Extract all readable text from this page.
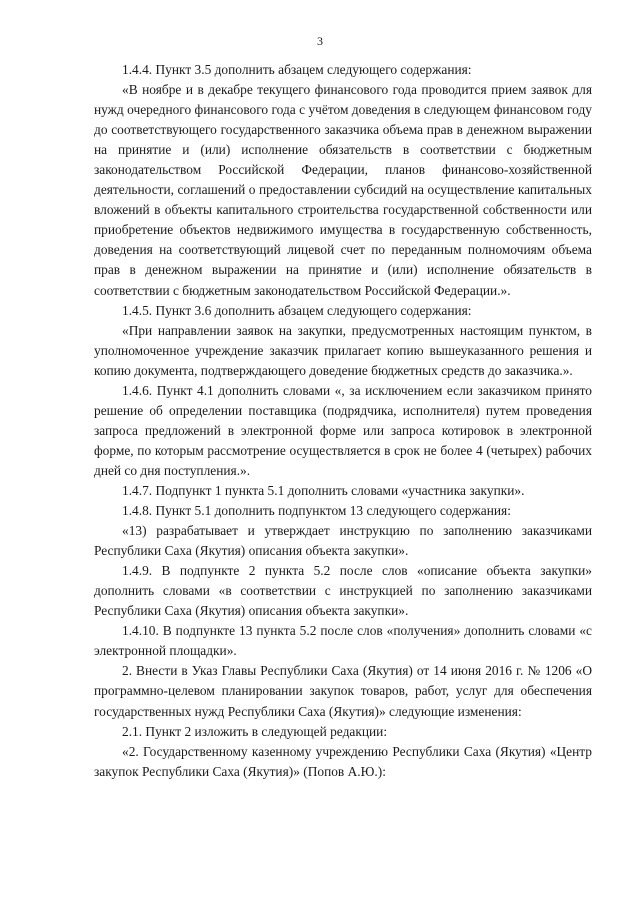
3

1.4.4. Пункт 3.5 дополнить абзацем следующего содержания:

«В ноябре и в декабре текущего финансового года проводится прием заявок для нужд очередного финансового года с учётом доведения в следующем финансовом году до соответствующего государственного заказчика объема прав в денежном выражении на принятие и (или) исполнение обязательств в соответствии с бюджетным законодательством Российской Федерации, планов финансово-хозяйственной деятельности, соглашений о предоставлении субсидий на осуществление капитальных вложений в объекты капитального строительства государственной собственности или приобретение объектов недвижимого имущества в государственную собственность, доведения на соответствующий лицевой счет по переданным полномочиям объема прав в денежном выражении на принятие и (или) исполнение обязательств в соответствии с бюджетным законодательством Российской Федерации.».

1.4.5. Пункт 3.6 дополнить абзацем следующего содержания:

«При направлении заявок на закупки, предусмотренных настоящим пунктом, в уполномоченное учреждение заказчик прилагает копию вышеуказанного решения и копию документа, подтверждающего доведение бюджетных средств до заказчика.».

1.4.6. Пункт 4.1 дополнить словами «, за исключением если заказчиком принято решение об определении поставщика (подрядчика, исполнителя) путем проведения запроса предложений в электронной форме или запроса котировок в электронной форме, по которым рассмотрение осуществляется в срок не более 4 (четырех) рабочих дней со дня поступления.».

1.4.7. Подпункт 1 пункта 5.1 дополнить словами «участника закупки».

1.4.8. Пункт 5.1 дополнить подпунктом 13 следующего содержания:

«13) разрабатывает и утверждает инструкцию по заполнению заказчиками Республики Саха (Якутия) описания объекта закупки».

1.4.9. В подпункте 2 пункта 5.2 после слов «описание объекта закупки» дополнить словами «в соответствии с инструкцией по заполнению заказчиками Республики Саха (Якутия) описания объекта закупки».

1.4.10. В подпункте 13 пункта 5.2 после слов «получения» дополнить словами «с электронной площадки».

2. Внести в Указ Главы Республики Саха (Якутия) от 14 июня 2016 г. № 1206 «О программно-целевом планировании закупок товаров, работ, услуг для обеспечения государственных нужд Республики Саха (Якутия)» следующие изменения:

2.1. Пункт 2 изложить в следующей редакции:

«2. Государственному казенному учреждению Республики Саха (Якутия) «Центр закупок Республики Саха (Якутия)» (Попов А.Ю.):
